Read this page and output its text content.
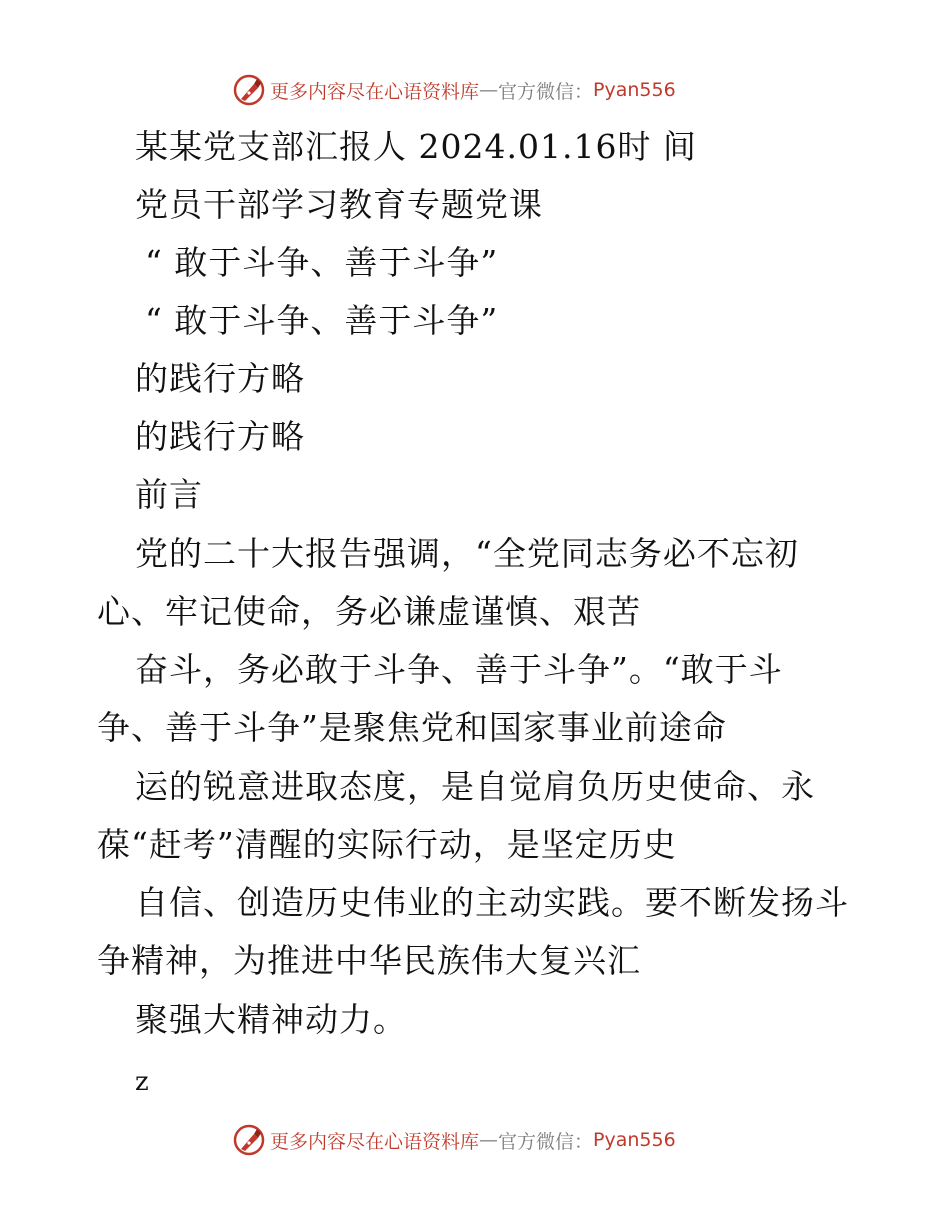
更多内容尽在心语资料库 — 官方微信： Pyan556
某某党支部汇报人 2024.01.16时 间
党员干部学习教育专题党课
“ 敢于斗争、善于斗争”
“ 敢于斗争、善于斗争”
的践行方略
的践行方略
前言
党的二十大报告强调，“全党同志务必不忘初
心、牢记使命，务必谦虚谨慎、艰苦
奋斗，务必敢于斗争、善于斗争”。“敢于斗
争、善于斗争”是聚焦党和国家事业前途命
运的锐意进取态度，是自觉肩负历史使命、永
葆“赶考”清醒的实际行动，是坚定历史
自信、创造历史伟业的主动实践。要不断发扬斗
争精神，为推进中华民族伟大复兴汇
聚强大精神动力。
z
更多内容尽在心语资料库 — 官方微信： Pyan556
